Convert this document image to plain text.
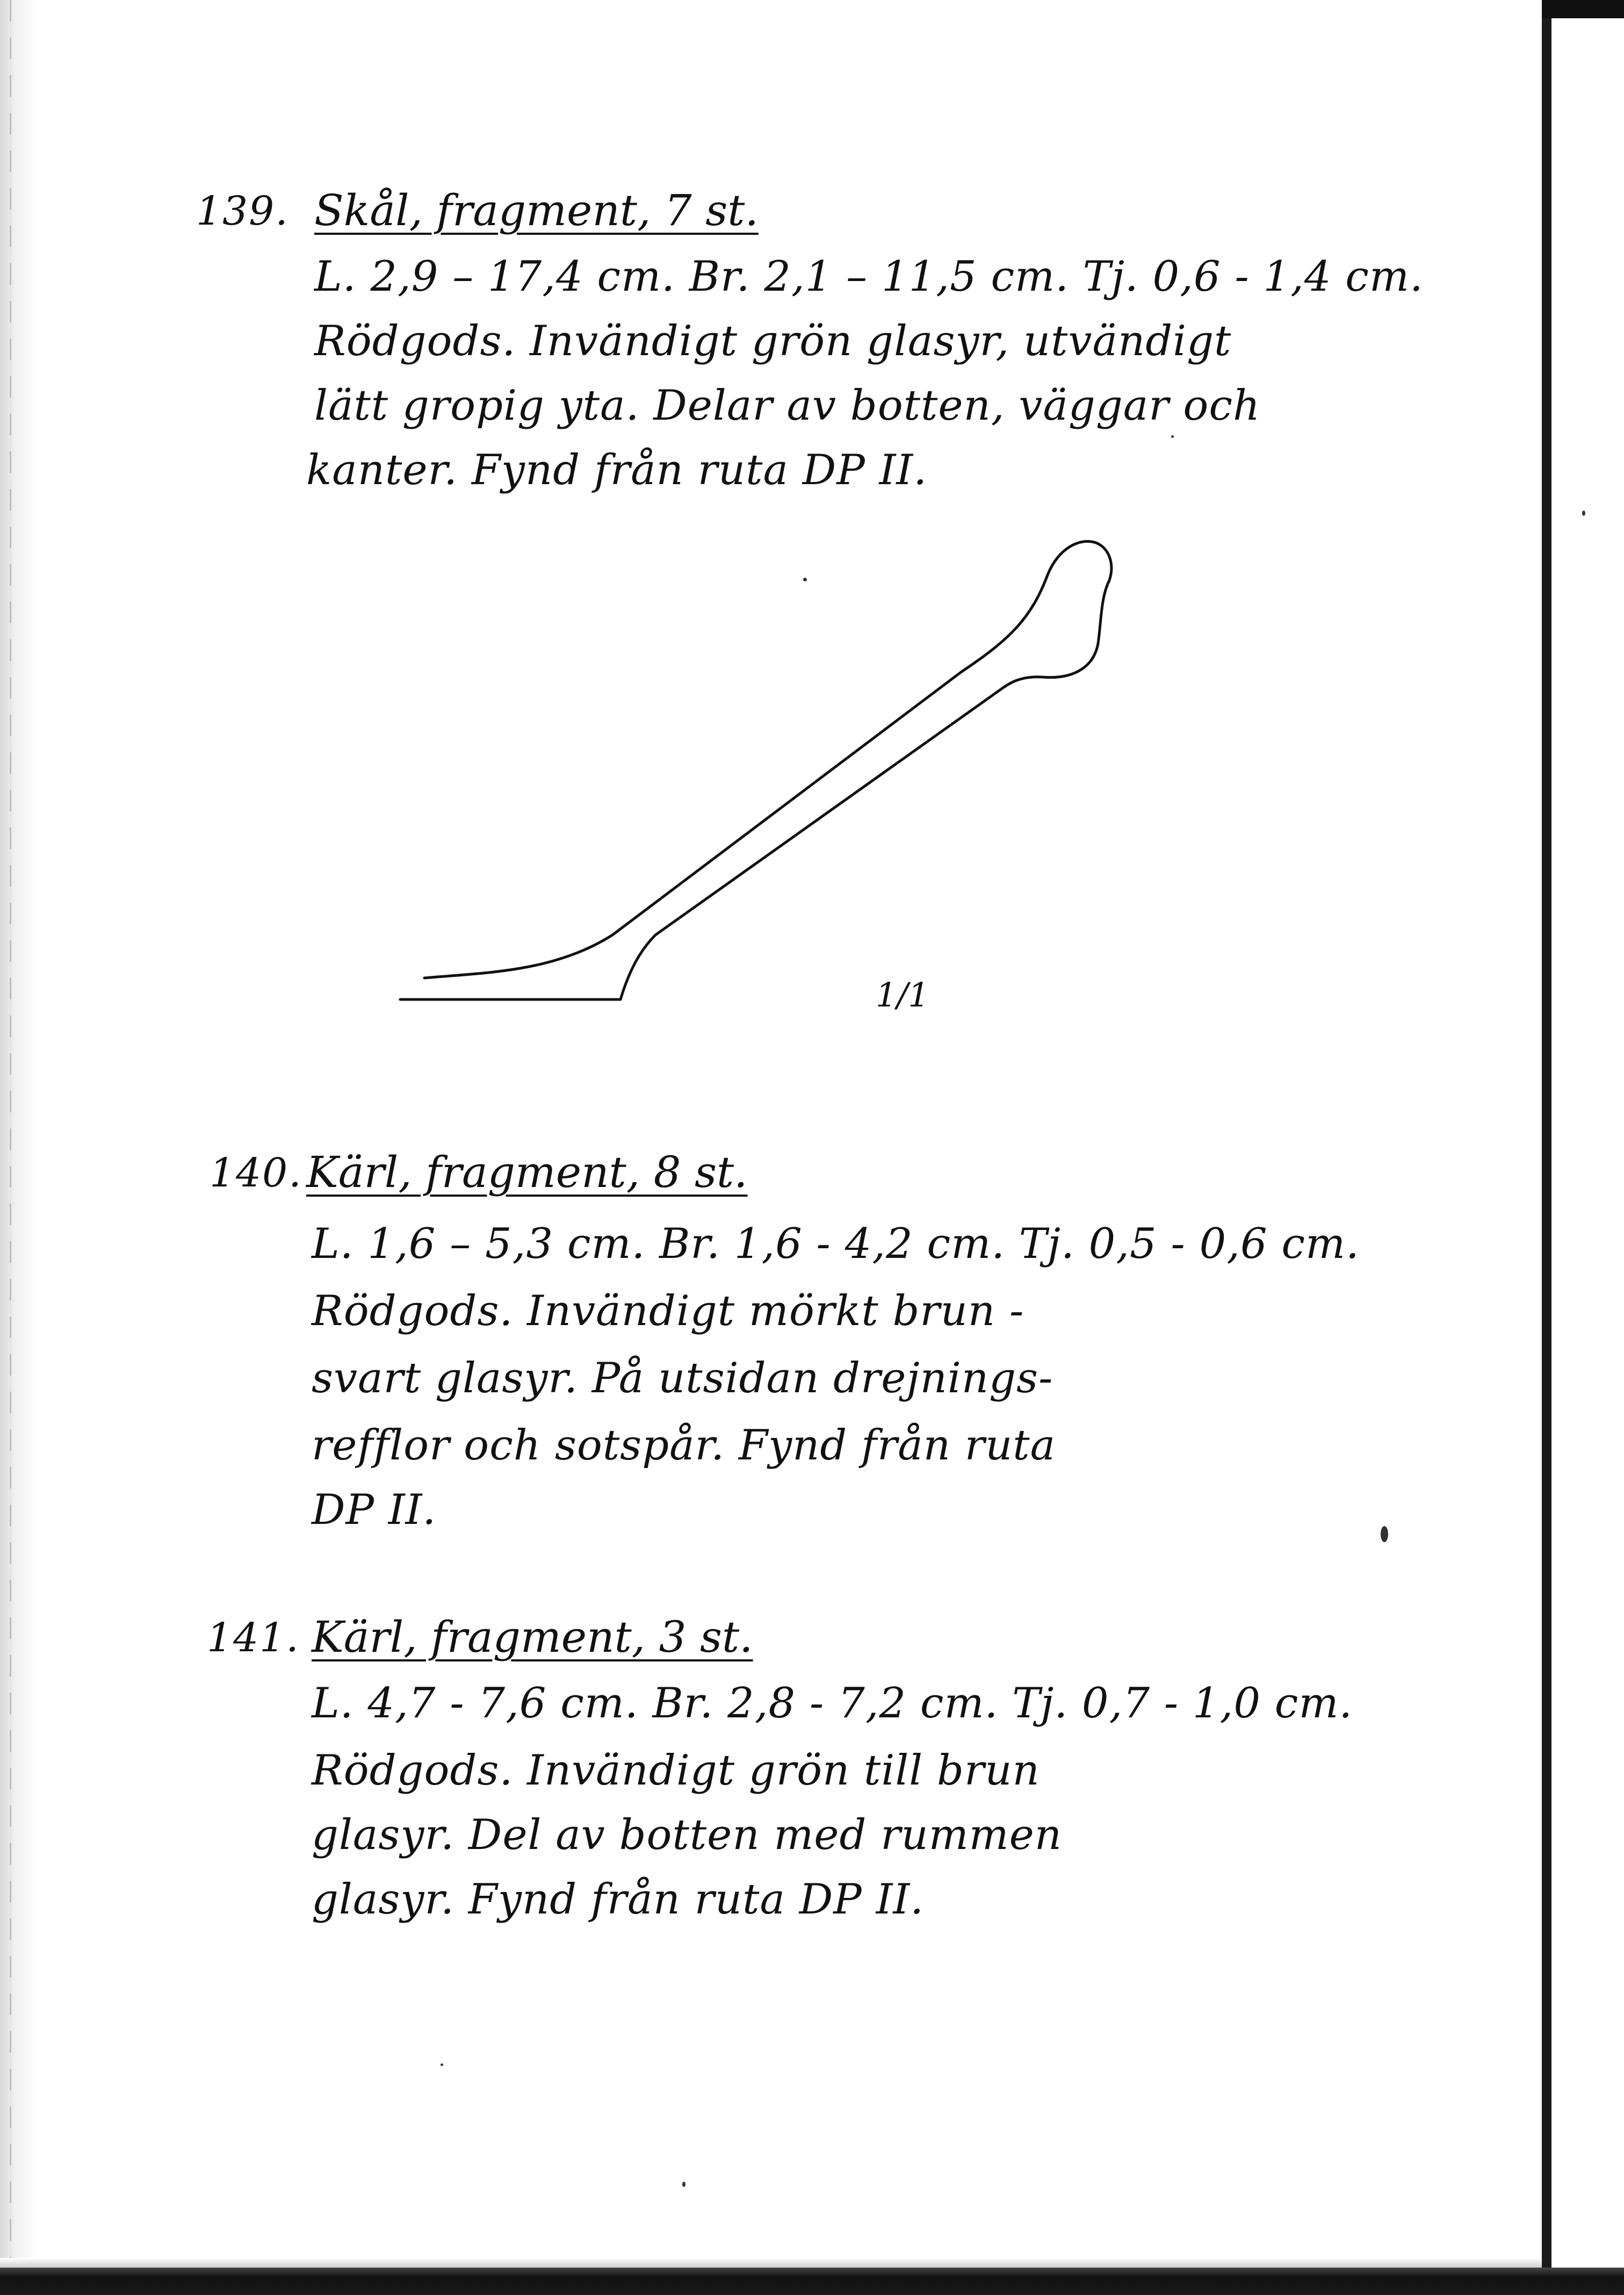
139. Skål, fragment, 7 st.
L. 2,9 – 17,4 cm. Br. 2,1 – 11,5 cm. Tj. 0,6 - 1,4 cm.
Rödgods. Invändigt grön glasyr, utvändigt
lätt gropig yta. Delar av botten, väggar och
kanter. Fynd från ruta DP II.
1/1
140. Kärl, fragment, 8 st.
L. 1,6 – 5,3 cm. Br. 1,6 - 4,2 cm. Tj. 0,5 - 0,6 cm.
Rödgods. Invändigt mörkt brun -
svart glasyr. På utsidan drejnings-
refflor och sotspår. Fynd från ruta
DP II.
141. Kärl, fragment, 3 st.
L. 4,7 - 7,6 cm. Br. 2,8 - 7,2 cm. Tj. 0,7 - 1,0 cm.
Rödgods. Invändigt grön till brun
glasyr. Del av botten med rummen
glasyr. Fynd från ruta DP II.
